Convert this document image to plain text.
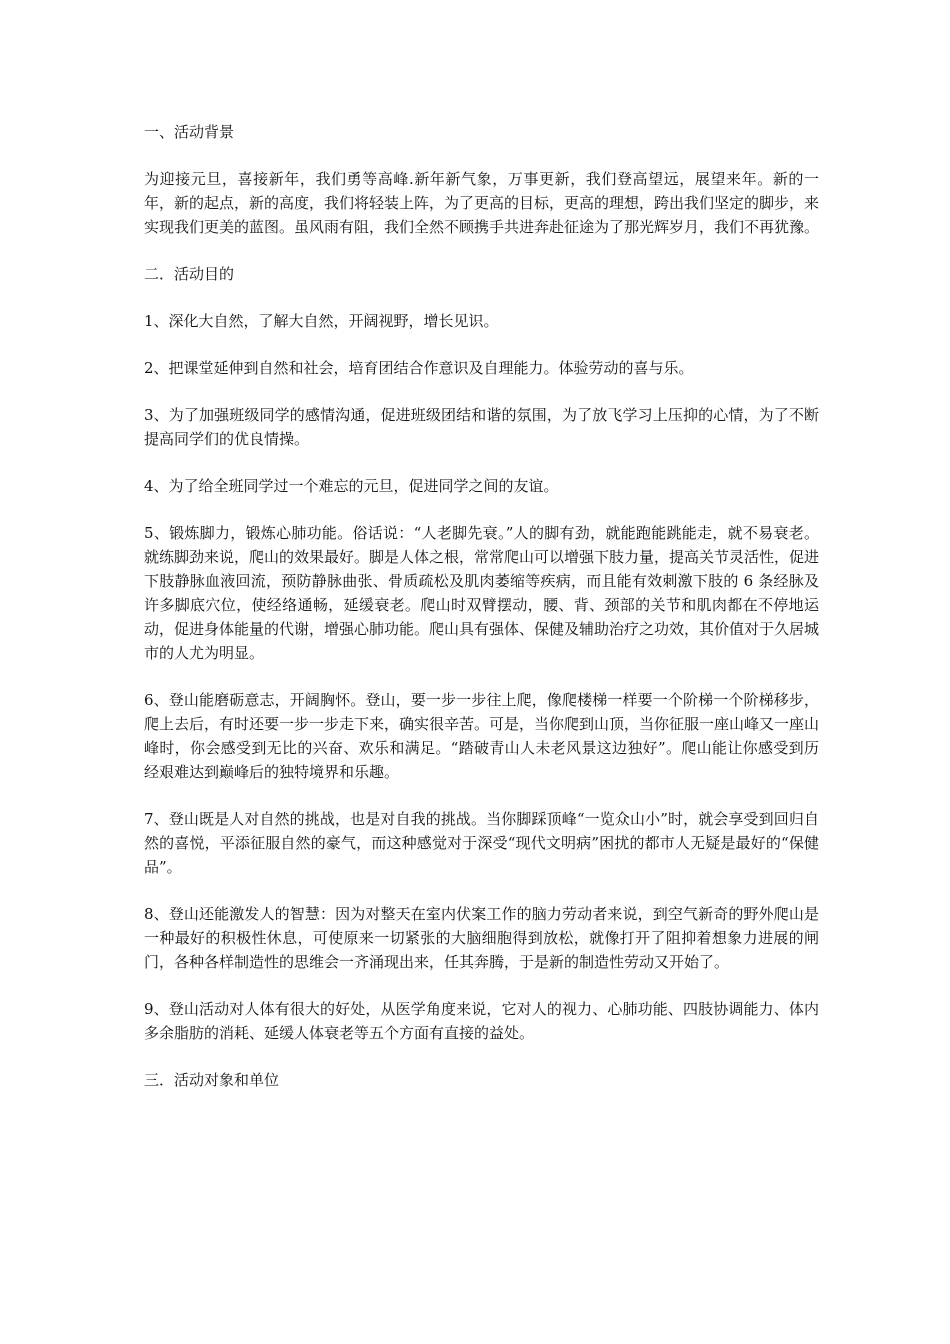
一、活动背景

为迎接元旦，喜接新年，我们勇等高峰.新年新气象，万事更新，我们登高望远，展望来年。新的一年，新的起点，新的高度，我们将轻装上阵，为了更高的目标，更高的理想，跨出我们坚定的脚步，来实现我们更美的蓝图。虽风雨有阻，我们全然不顾携手共进奔赴征途为了那光辉岁月，我们不再犹豫。

二．活动目的

1、深化大自然，了解大自然，开阔视野，增长见识。

2、把课堂延伸到自然和社会，培育团结合作意识及自理能力。体验劳动的喜与乐。

3、为了加强班级同学的感情沟通，促进班级团结和谐的氛围，为了放飞学习上压抑的心情，为了不断提高同学们的优良情操。

4、为了给全班同学过一个难忘的元旦，促进同学之间的友谊。

5、锻炼脚力，锻炼心肺功能。俗话说：“人老脚先衰。”人的脚有劲，就能跑能跳能走，就不易衰老。就练脚劲来说，爬山的效果最好。脚是人体之根，常常爬山可以增强下肢力量，提高关节灵活性，促进下肢静脉血液回流，预防静脉曲张、骨质疏松及肌肉萎缩等疾病，而且能有效刺激下肢的 6 条经脉及许多脚底穴位，使经络通畅，延缓衰老。爬山时双臂摆动，腰、背、颈部的关节和肌肉都在不停地运动，促进身体能量的代谢，增强心肺功能。爬山具有强体、保健及辅助治疗之功效，其价值对于久居城市的人尤为明显。

6、登山能磨砺意志，开阔胸怀。登山，要一步一步往上爬，像爬楼梯一样要一个阶梯一个阶梯移步，爬上去后，有时还要一步一步走下来，确实很辛苦。可是，当你爬到山顶，当你征服一座山峰又一座山峰时，你会感受到无比的兴奋、欢乐和满足。“踏破青山人未老风景这边独好”。爬山能让你感受到历经艰难达到巅峰后的独特境界和乐趣。

7、登山既是人对自然的挑战，也是对自我的挑战。当你脚踩顶峰“一览众山小”时，就会享受到回归自然的喜悦，平添征服自然的豪气，而这种感觉对于深受“现代文明病”困扰的都市人无疑是最好的“保健品”。

8、登山还能激发人的智慧：因为对整天在室内伏案工作的脑力劳动者来说，到空气新奇的野外爬山是一种最好的积极性休息，可使原来一切紧张的大脑细胞得到放松，就像打开了阻抑着想象力进展的闸门，各种各样制造性的思维会一齐涌现出来，任其奔腾，于是新的制造性劳动又开始了。

9、登山活动对人体有很大的好处，从医学角度来说，它对人的视力、心肺功能、四肢协调能力、体内多余脂肪的消耗、延缓人体衰老等五个方面有直接的益处。

三．活动对象和单位
